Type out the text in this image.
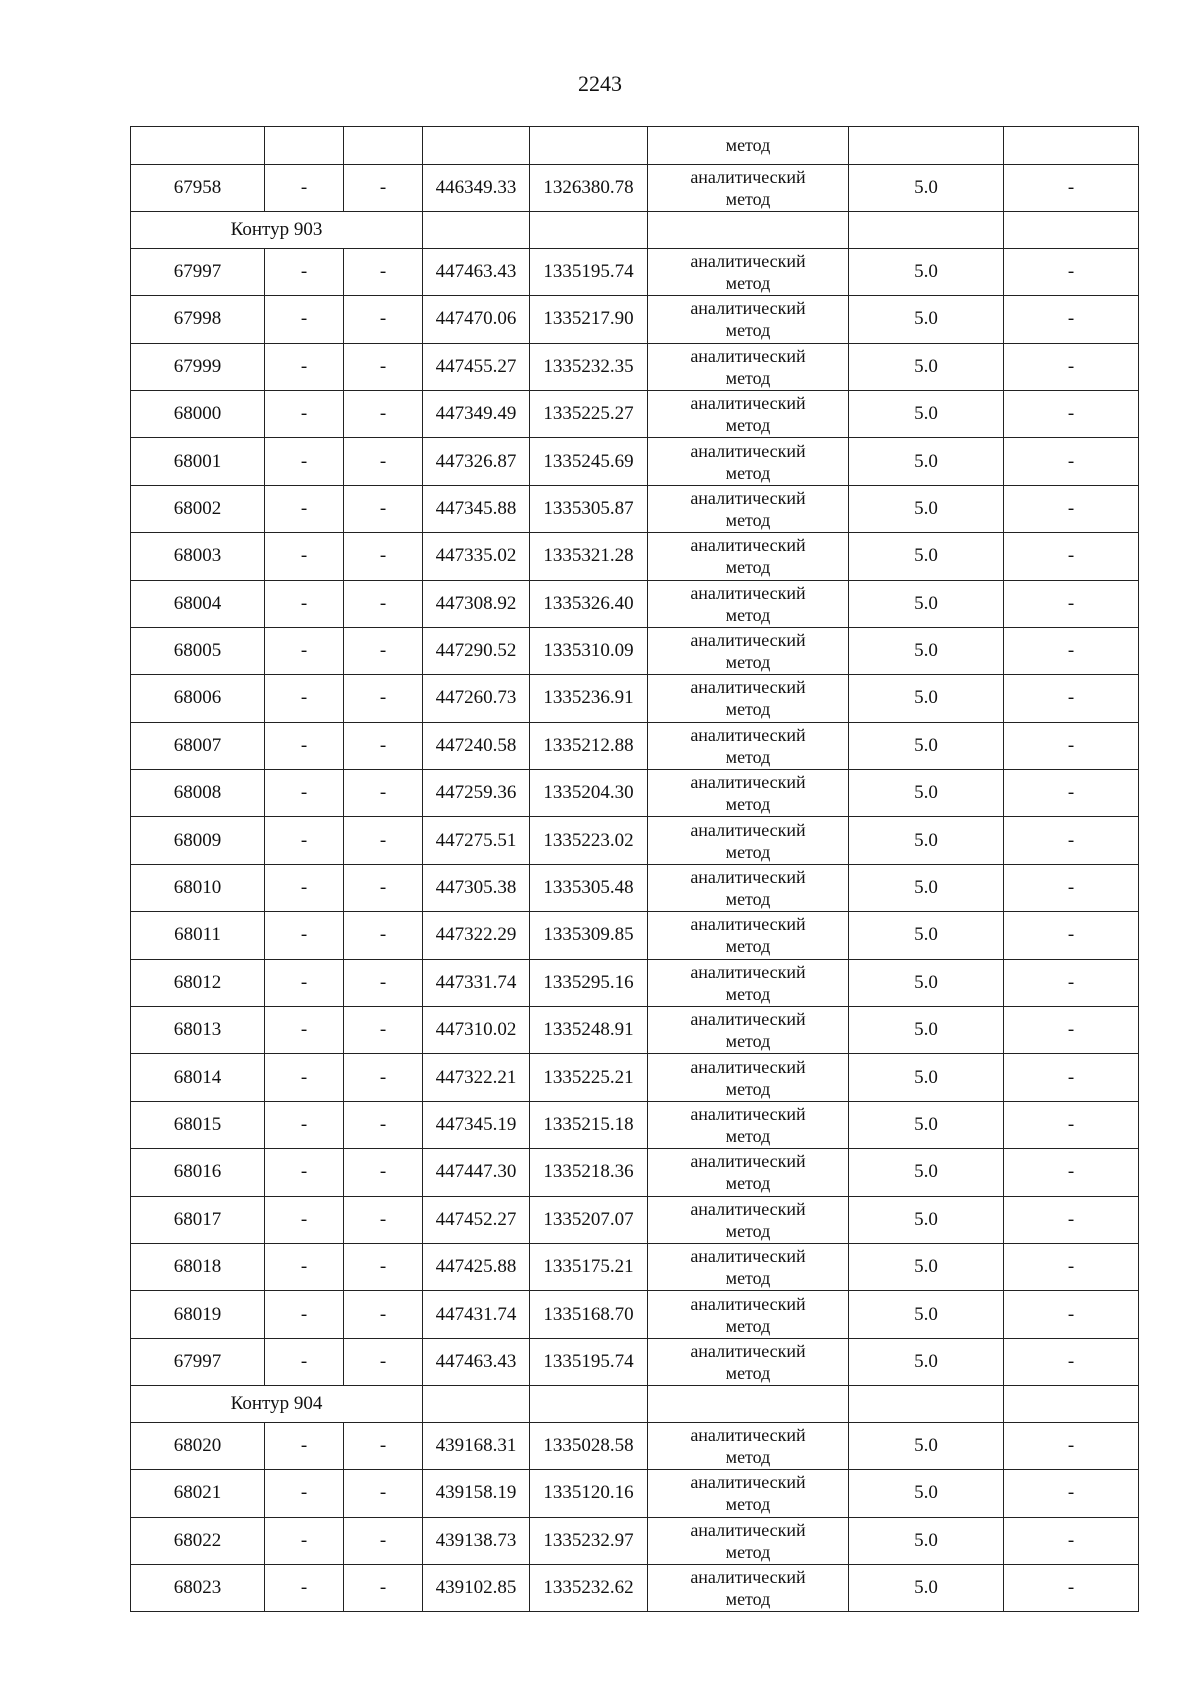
2243

					метод		

67958	-	-	446349.33	1326380.78	аналитический
метод	5.0	-
Контур 903							
67997	-	-	447463.43	1335195.74	аналитический
метод	5.0	-
67998	-	-	447470.06	1335217.90	аналитический
метод	5.0	-
67999	-	-	447455.27	1335232.35	аналитический
метод	5.0	-
68000	-	-	447349.49	1335225.27	аналитический
метод	5.0	-
68001	-	-	447326.87	1335245.69	аналитический
метод	5.0	-
68002	-	-	447345.88	1335305.87	аналитический
метод	5.0	-
68003	-	-	447335.02	1335321.28	аналитический
метод	5.0	-
68004	-	-	447308.92	1335326.40	аналитический
метод	5.0	-
68005	-	-	447290.52	1335310.09	аналитический
метод	5.0	-
68006	-	-	447260.73	1335236.91	аналитический
метод	5.0	-
68007	-	-	447240.58	1335212.88	аналитический
метод	5.0	-
68008	-	-	447259.36	1335204.30	аналитический
метод	5.0	-
68009	-	-	447275.51	1335223.02	аналитический
метод	5.0	-
68010	-	-	447305.38	1335305.48	аналитический
метод	5.0	-
68011	-	-	447322.29	1335309.85	аналитический
метод	5.0	-
68012	-	-	447331.74	1335295.16	аналитический
метод	5.0	-
68013	-	-	447310.02	1335248.91	аналитический
метод	5.0	-
68014	-	-	447322.21	1335225.21	аналитический
метод	5.0	-
68015	-	-	447345.19	1335215.18	аналитический
метод	5.0	-
68016	-	-	447447.30	1335218.36	аналитический
метод	5.0	-
68017	-	-	447452.27	1335207.07	аналитический
метод	5.0	-
68018	-	-	447425.88	1335175.21	аналитический
метод	5.0	-
68019	-	-	447431.74	1335168.70	аналитический
метод	5.0	-
67997	-	-	447463.43	1335195.74	аналитический
метод	5.0	-
Контур 904							
68020	-	-	439168.31	1335028.58	аналитический
метод	5.0	-
68021	-	-	439158.19	1335120.16	аналитический
метод	5.0	-
68022	-	-	439138.73	1335232.97	аналитический
метод	5.0	-
68023	-	-	439102.85	1335232.62	аналитический
метод	5.0	-
